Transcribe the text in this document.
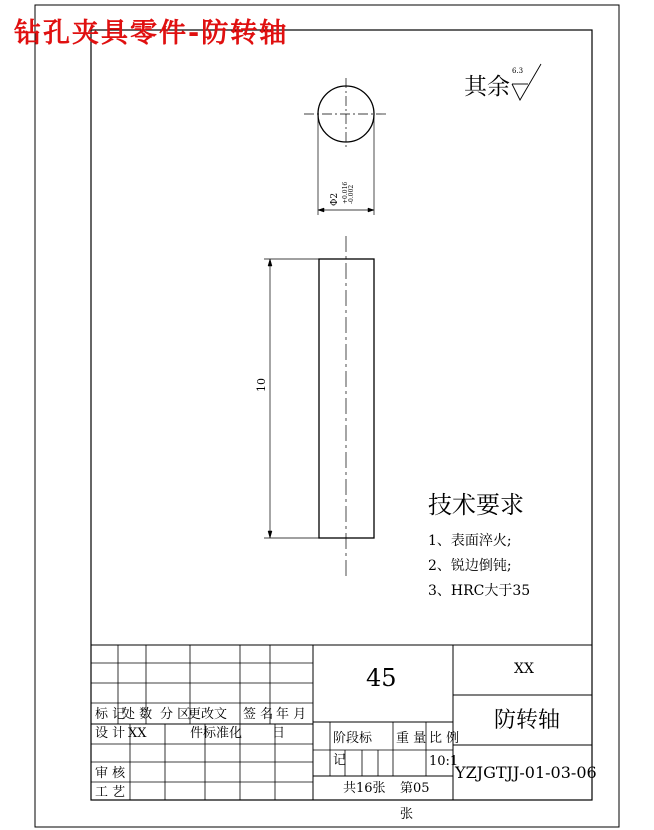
钻孔夹具零件-防转轴
其余
6.3
Φ2 +0.016 -0.002
10
技术要求
1、表面淬火;
2、锐边倒钝;
3、HRC大于35
45	XX
防转轴
YZJGTJJ-01-03-06
标 记
处 数 分 区
更改文 签 名 年 月
设 计 XX	件标准化 日
审 核
工 艺
阶段标
记
重 量 比 例
10:1
共16张 第05
张
